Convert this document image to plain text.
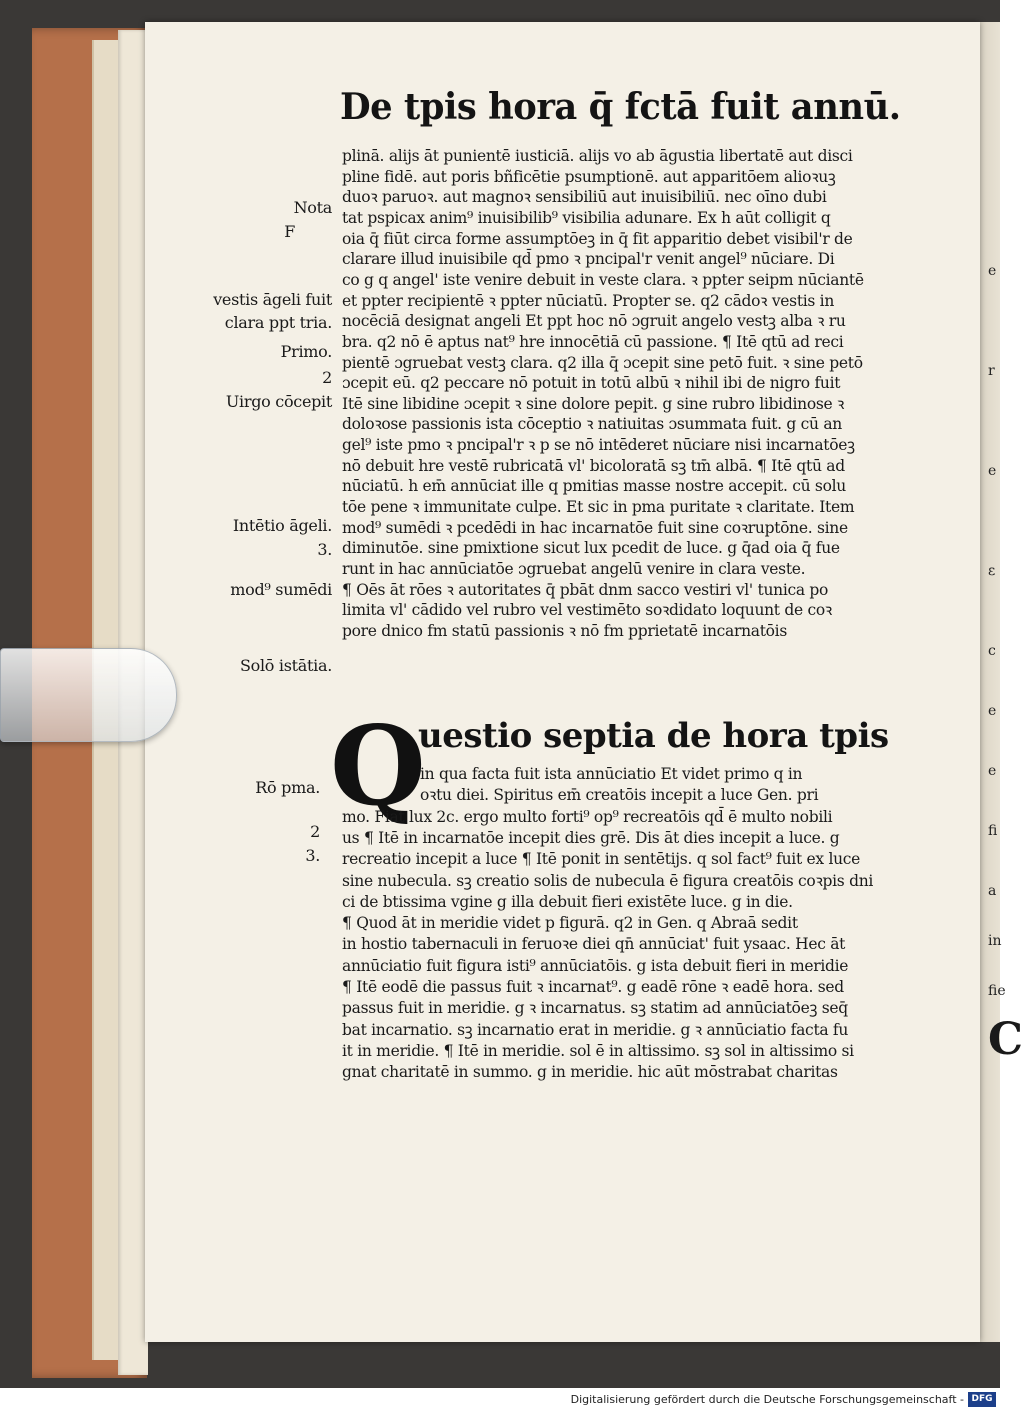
e
r
e
ε
c
e
e
fi
a
in
fie
C
De tpis hora q̄ fctā fuit annū.
Nota
F
vestis āgeli fuit
clara ppt tria.
Primo.
2
Uirgo cōcepit
Intētio āgeli.
3.
mod⁹ sumēdi
Solō istātia.
Rō pma.
2
3.
plinā. alijs āt punientē iusticiā. alijs vo ab āgustia libertatē aut disci
pline fidē. aut poris bñficētie psumptionē. aut apparitōem alioꝛuꝫ
duoꝛ paruoꝛ. aut magnoꝛ sensibiliū aut inuisibiliū. nec oīno dubi
tat pspicax anim⁹ inuisibilib⁹ visibilia adunare. Ex h aūt colligit q
oia q̄ fiūt circa forme assumptōeꝫ in q̄ fit apparitio debet visibil'r de
clarare illud inuisibile qd̄ pmo ꝛ pncipal'r venit angel⁹ nūciare. Di
co g q angel' iste venire debuit in veste clara. ꝛ ppter seipm nūciantē
et ppter recipientē ꝛ ppter nūciatū. Propter se. q2 cādoꝛ vestis in
nocēciā designat angeli Et ppt hoc nō ɔgruit angelo vestꝫ alba ꝛ ru
bra. q2 nō ē aptus nat⁹ hre innocētiā cū passione. ¶ Itē qtū ad reci
pientē ɔgruebat vestꝫ clara. q2 illa q̄ ɔcepit sine petō fuit. ꝛ sine petō
ɔcepit eū. q2 peccare nō potuit in totū albū ꝛ nihil ibi de nigro fuit
Itē sine libidine ɔcepit ꝛ sine dolore pepit. g sine rubro libidinose ꝛ
doloꝛose passionis ista cōceptio ꝛ natiuitas ɔsummata fuit. g cū an
gel⁹ iste pmo ꝛ pncipal'r ꝛ p se nō intēderet nūciare nisi incarnatōeꝫ
nō debuit hre vestē rubricatā vl' bicoloratā sꝫ tm̄ albā. ¶ Itē qtū ad
nūciatū. h em̄ annūciat ille q pmitias masse nostre accepit. cū solu
tōe pene ꝛ immunitate culpe. Et sic in pma puritate ꝛ claritate. Item
mod⁹ sumēdi ꝛ pcedēdi in hac incarnatōe fuit sine coꝛruptōne. sine
diminutōe. sine pmixtione sicut lux pcedit de luce. g q̄ad oia q̄ fue
runt in hac annūciatōe ɔgruebat angelū venire in clara veste.
¶ Oēs āt rōes ꝛ autoritates q̄ pbāt dnm sacco vestiri vl' tunica po
limita vl' cādido vel rubro vel vestimēto soꝛdidato loquunt de coꝛ
pore dnico fm statū passionis ꝛ nō fm pprietatē incarnatōis
Q
uestio septia de hora tpis
in qua facta fuit ista annūciatio Et videt primo q in
oꝛtu diei. Spiritus em̄ creatōis incepit a luce Gen. pri
mo. Fiat lux 2c. ergo multo forti⁹ op⁹ recreatōis qd̄ ē multo nobili
us ¶ Itē in incarnatōe incepit dies grē. Dis āt dies incepit a luce. g
recreatio incepit a luce ¶ Itē ponit in sentētijs. q sol fact⁹ fuit ex luce
sine nubecula. sꝫ creatio solis de nubecula ē figura creatōis coꝛpis dni
ci de btissima vgine g illa debuit fieri existēte luce. g in die.
¶ Quod āt in meridie videt p figurā. q2 in Gen. q Abraā sedit
in hostio tabernaculi in feruoꝛe diei qn̄ annūciat' fuit ysaac. Hec āt
annūciatio fuit figura isti⁹ annūciatōis. g ista debuit fieri in meridie
¶ Itē eodē die passus fuit ꝛ incarnat⁹. g eadē rōne ꝛ eadē hora. sed
passus fuit in meridie. g ꝛ incarnatus. sꝫ statim ad annūciatōeꝫ seq̄
bat incarnatio. sꝫ incarnatio erat in meridie. g ꝛ annūciatio facta fu
it in meridie. ¶ Itē in meridie. sol ē in altissimo. sꝫ sol in altissimo si
gnat charitatē in summo. g in meridie. hic aūt mōstrabat charitas
Digitalisierung gefördert durch die Deutsche Forschungsgemeinschaft - DFG
